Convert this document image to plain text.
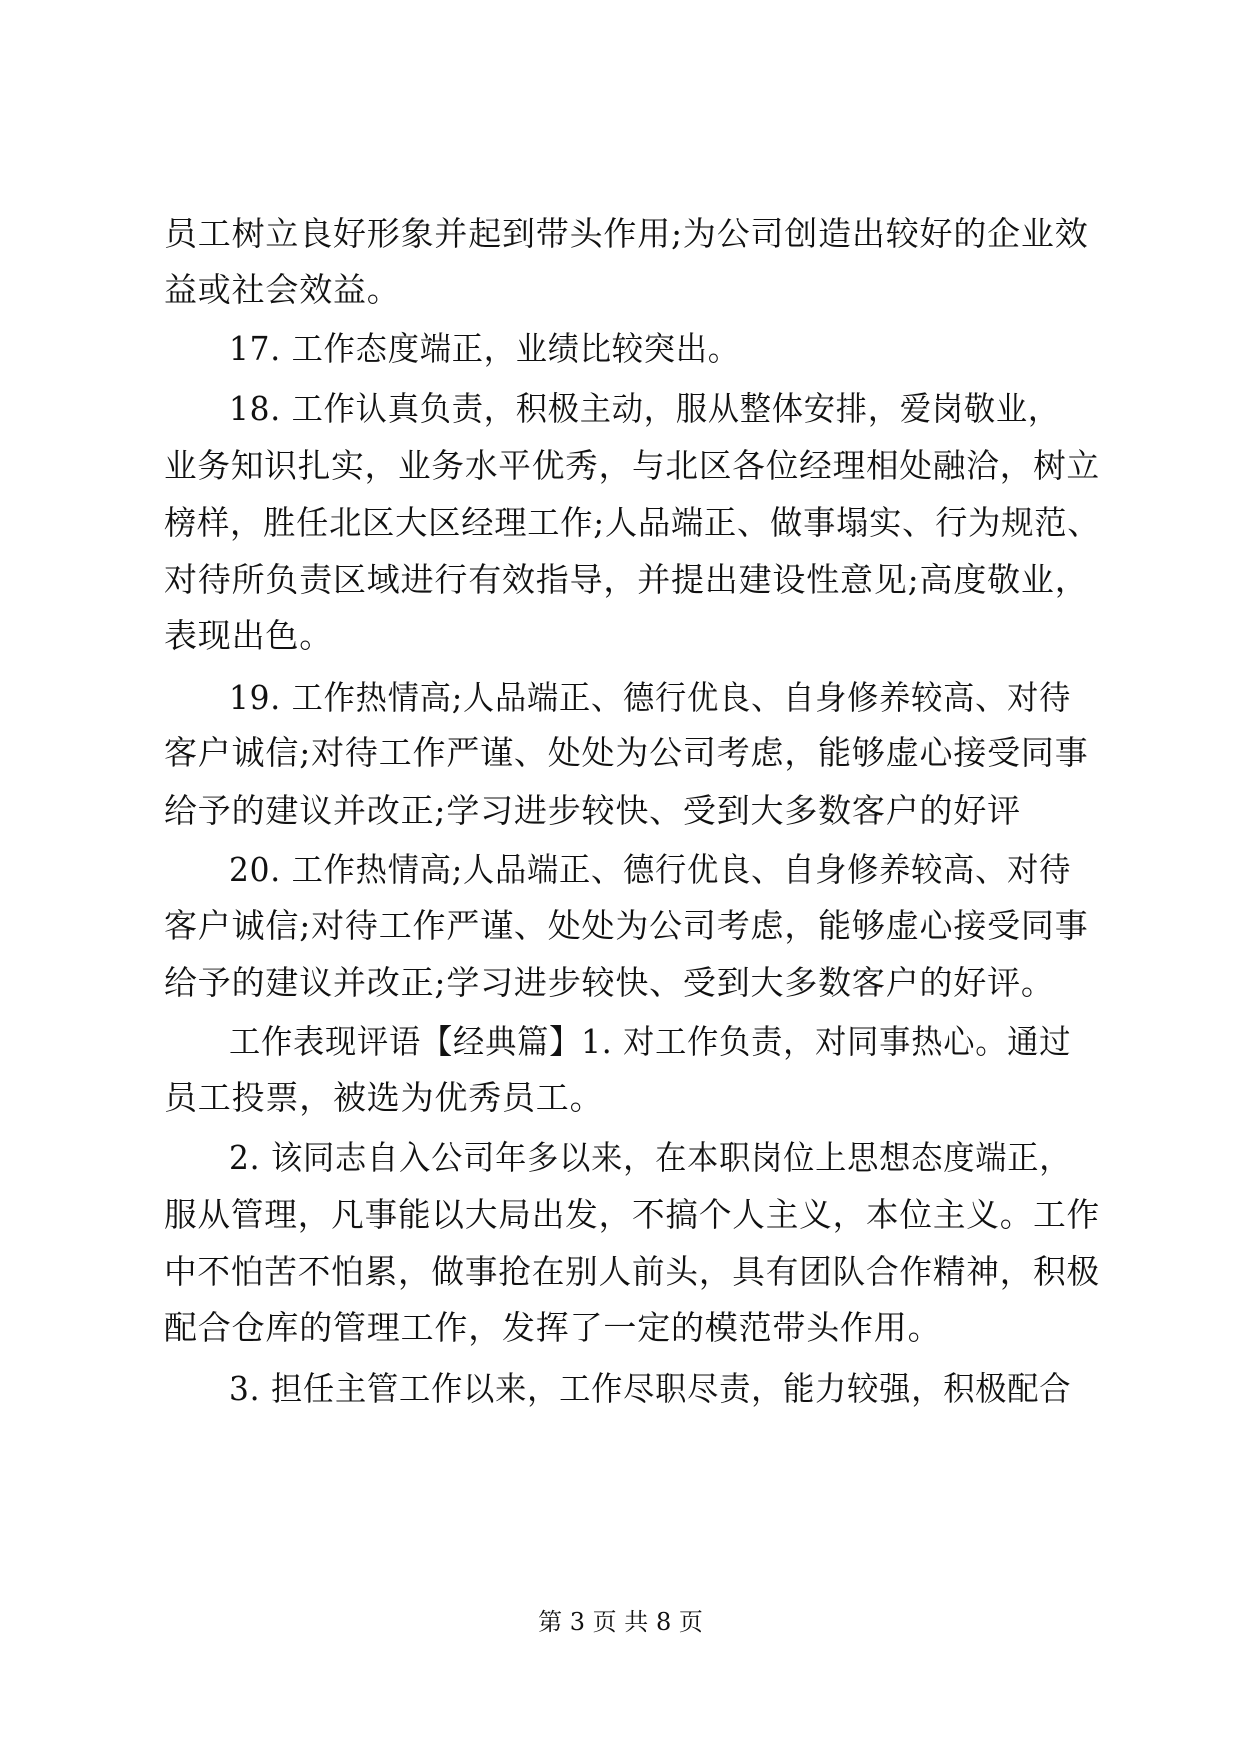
员工树立良好形象并起到带头作用;为公司创造出较好的企业效
益或社会效益。
17. 工作态度端正，业绩比较突出。
18. 工作认真负责，积极主动，服从整体安排，爱岗敬业，
业务知识扎实，业务水平优秀，与北区各位经理相处融洽，树立
榜样，胜任北区大区经理工作;人品端正、做事塌实、行为规范、
对待所负责区域进行有效指导，并提出建设性意见;高度敬业，
表现出色。
19. 工作热情高;人品端正、德行优良、自身修养较高、对待
客户诚信;对待工作严谨、处处为公司考虑，能够虚心接受同事
给予的建议并改正;学习进步较快、受到大多数客户的好评
20. 工作热情高;人品端正、德行优良、自身修养较高、对待
客户诚信;对待工作严谨、处处为公司考虑，能够虚心接受同事
给予的建议并改正;学习进步较快、受到大多数客户的好评。
工作表现评语【经典篇】1. 对工作负责，对同事热心。通过
员工投票，被选为优秀员工。
2. 该同志自入公司年多以来，在本职岗位上思想态度端正，
服从管理，凡事能以大局出发，不搞个人主义，本位主义。工作
中不怕苦不怕累，做事抢在别人前头，具有团队合作精神，积极
配合仓库的管理工作，发挥了一定的模范带头作用。
3. 担任主管工作以来，工作尽职尽责，能力较强，积极配合
第 3 页 共 8 页
